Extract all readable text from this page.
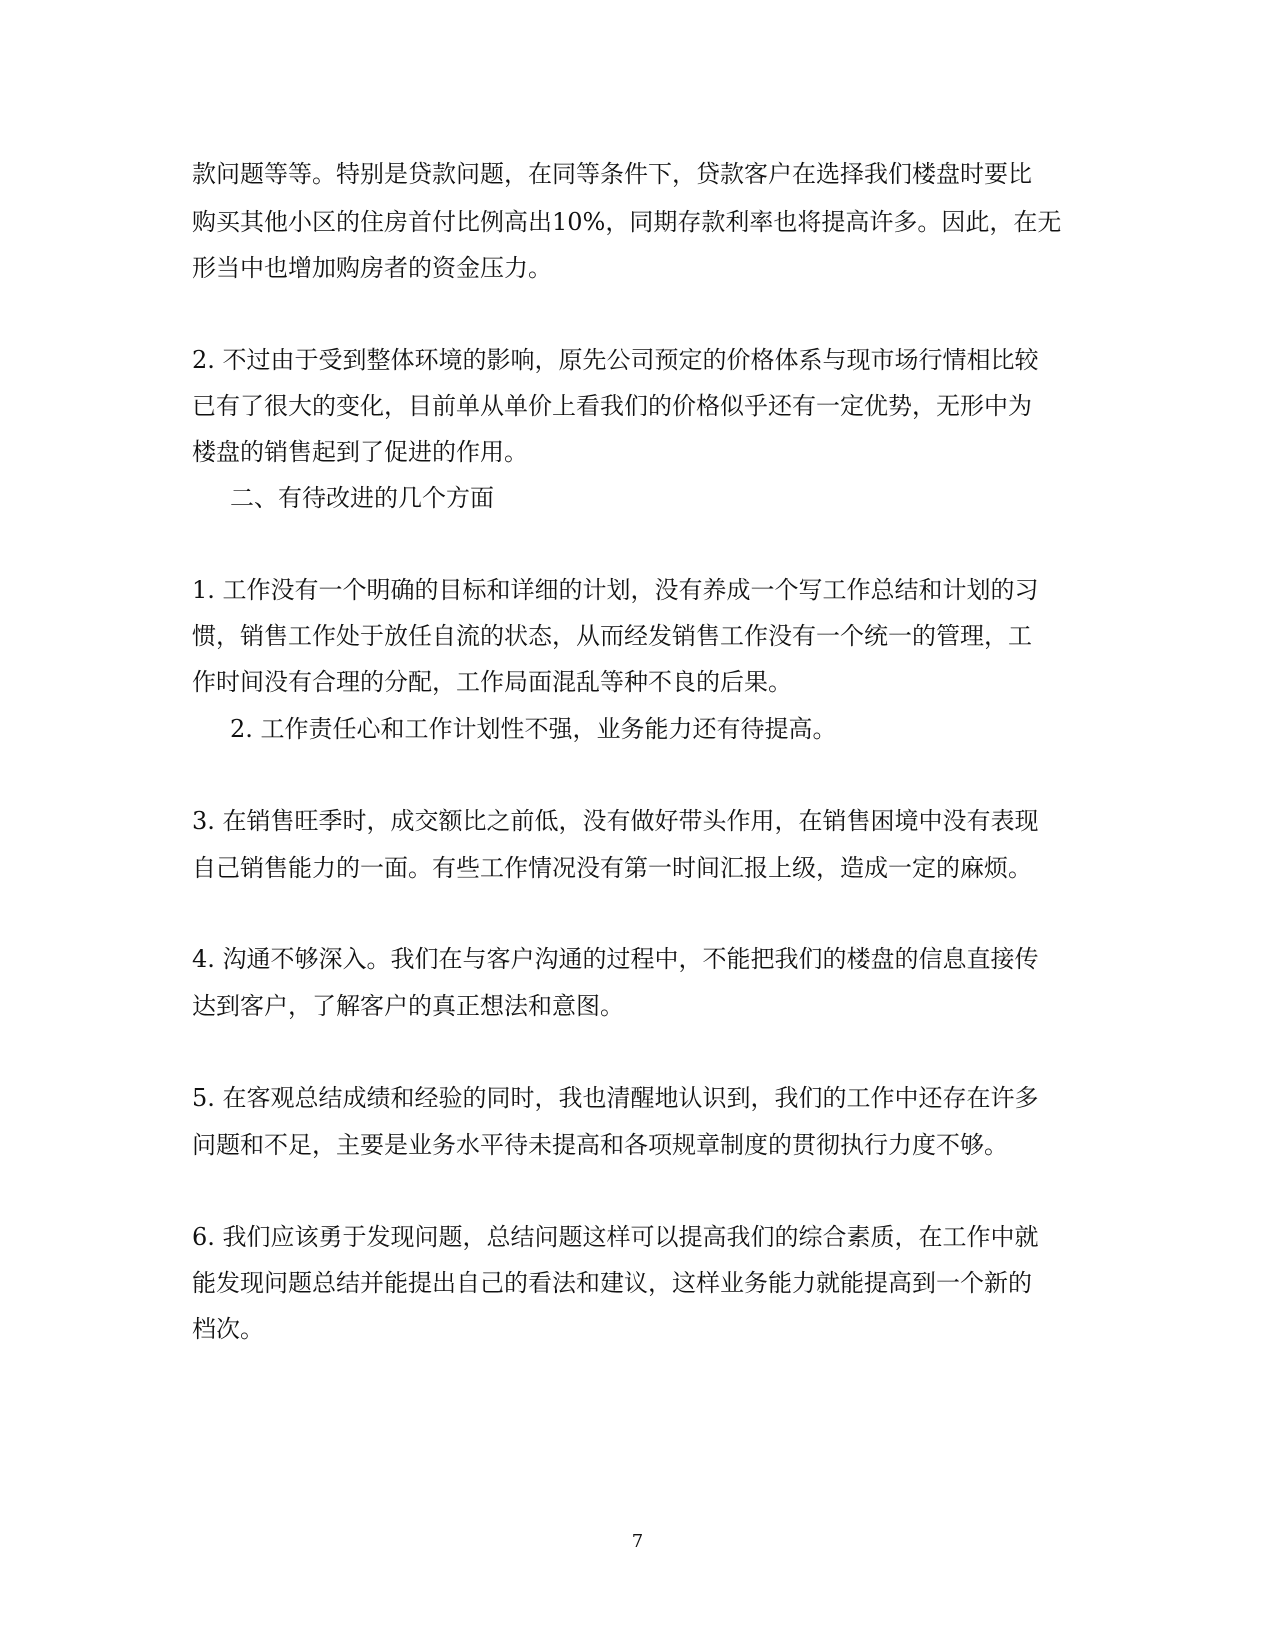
款问题等等。特别是贷款问题，在同等条件下，贷款客户在选择我们楼盘时要比

购买其他小区的住房首付比例高出10%，同期存款利率也将提高许多。因此，在无

形当中也增加购房者的资金压力。

2. 不过由于受到整体环境的影响，原先公司预定的价格体系与现市场行情相比较

已有了很大的变化，目前单从单价上看我们的价格似乎还有一定优势，无形中为

楼盘的销售起到了促进的作用。

二、有待改进的几个方面

1. 工作没有一个明确的目标和详细的计划，没有养成一个写工作总结和计划的习

惯，销售工作处于放任自流的状态，从而经发销售工作没有一个统一的管理，工

作时间没有合理的分配，工作局面混乱等种不良的后果。

2. 工作责任心和工作计划性不强，业务能力还有待提高。

3. 在销售旺季时，成交额比之前低，没有做好带头作用，在销售困境中没有表现

自己销售能力的一面。有些工作情况没有第一时间汇报上级，造成一定的麻烦。

4. 沟通不够深入。我们在与客户沟通的过程中，不能把我们的楼盘的信息直接传

达到客户，了解客户的真正想法和意图。

5. 在客观总结成绩和经验的同时，我也清醒地认识到，我们的工作中还存在许多

问题和不足，主要是业务水平待未提高和各项规章制度的贯彻执行力度不够。

6. 我们应该勇于发现问题，总结问题这样可以提高我们的综合素质，在工作中就

能发现问题总结并能提出自己的看法和建议，这样业务能力就能提高到一个新的

档次。

7
